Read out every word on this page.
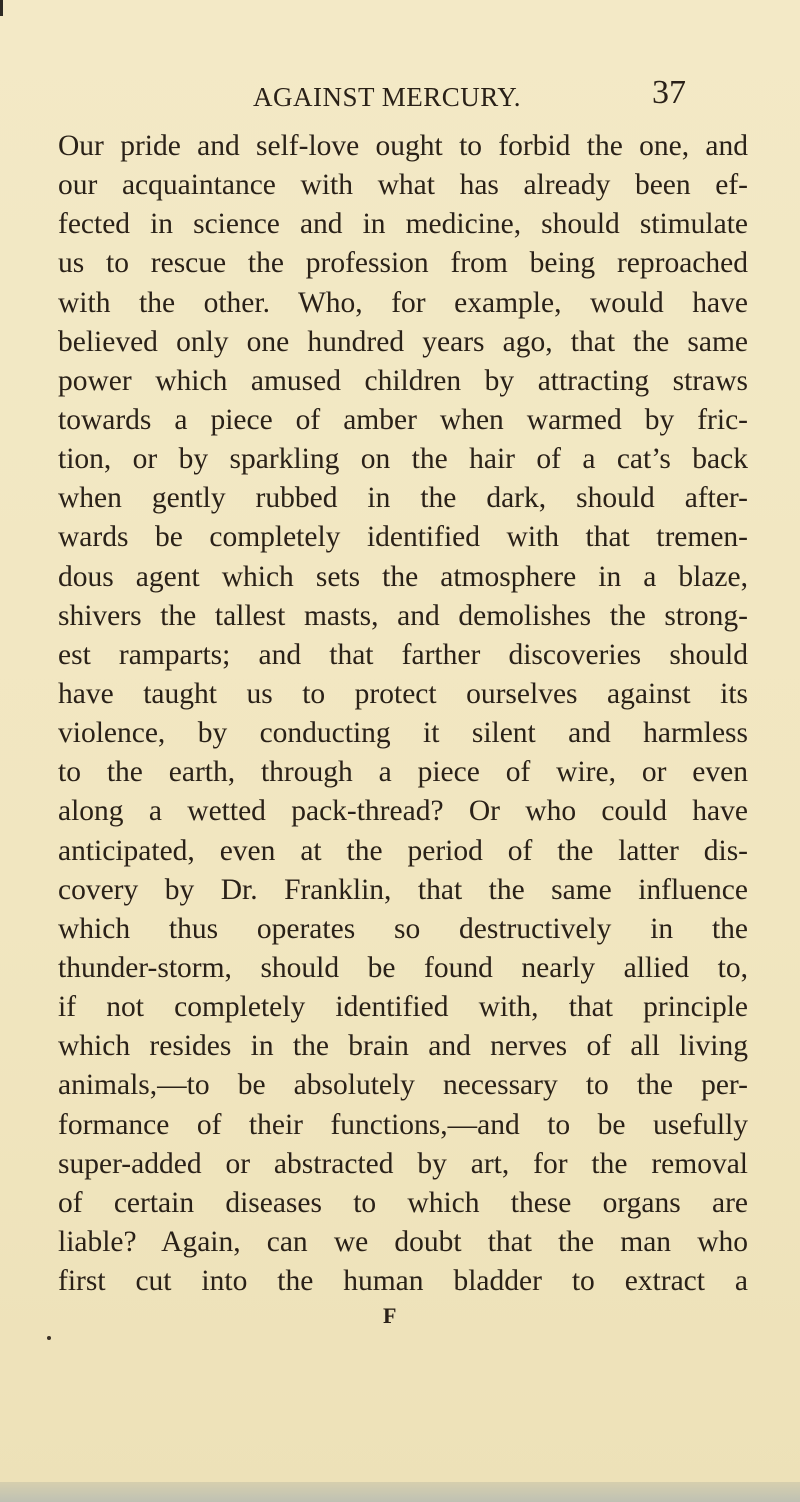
AGAINST MERCURY.	37
Our pride and self-love ought to forbid the one, and
our acquaintance with what has already been ef-
fected in science and in medicine, should stimulate
us to rescue the profession from being reproached
with the other. Who, for example, would have
believed only one hundred years ago, that the same
power which amused children by attracting straws
towards a piece of amber when warmed by fric-
tion, or by sparkling on the hair of a cat’s back
when gently rubbed in the dark, should after-
wards be completely identified with that tremen-
dous agent which sets the atmosphere in a blaze,
shivers the tallest masts, and demolishes the strong-
est ramparts; and that farther discoveries should
have taught us to protect ourselves against its
violence, by conducting it silent and harmless
to the earth, through a piece of wire, or even
along a wetted pack-thread? Or who could have
anticipated, even at the period of the latter dis-
covery by Dr. Franklin, that the same influence
which thus operates so destructively in the
thunder-storm, should be found nearly allied to,
if not completely identified with, that principle
which resides in the brain and nerves of all living
animals,—to be absolutely necessary to the per-
formance of their functions,—and to be usefully
super-added or abstracted by art, for the removal
of certain diseases to which these organs are
liable? Again, can we doubt that the man who
first cut into the human bladder to extract a
F
